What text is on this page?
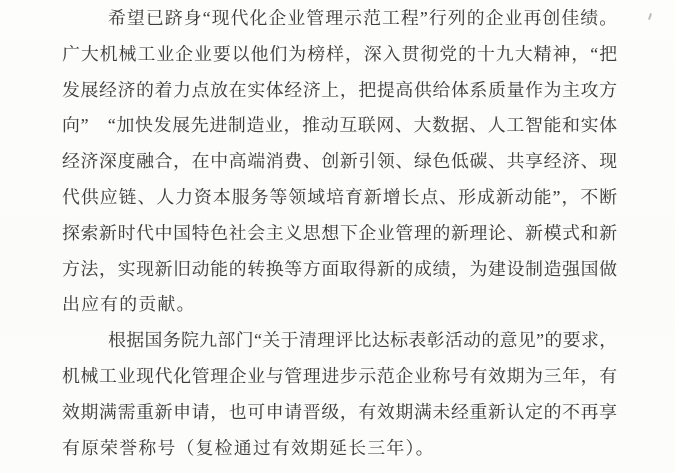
希望已跻身“现代化企业管理示范工程”行列的企业再创佳绩。
广大机械工业企业要以他们为榜样，深入贯彻党的十九大精神，“把
发展经济的着力点放在实体经济上，把提高供给体系质量作为主攻方
向”　“加快发展先进制造业，推动互联网、大数据、人工智能和实体
经济深度融合，在中高端消费、创新引领、绿色低碳、共享经济、现
代供应链、人力资本服务等领域培育新增长点、形成新动能”，不断
探索新时代中国特色社会主义思想下企业管理的新理论、新模式和新
方法，实现新旧动能的转换等方面取得新的成绩，为建设制造强国做
出应有的贡献。
根据国务院九部门“关于清理评比达标表彰活动的意见”的要求，
机械工业现代化管理企业与管理进步示范企业称号有效期为三年，有
效期满需重新申请，也可申请晋级，有效期满未经重新认定的不再享
有原荣誉称号（复检通过有效期延长三年）。
